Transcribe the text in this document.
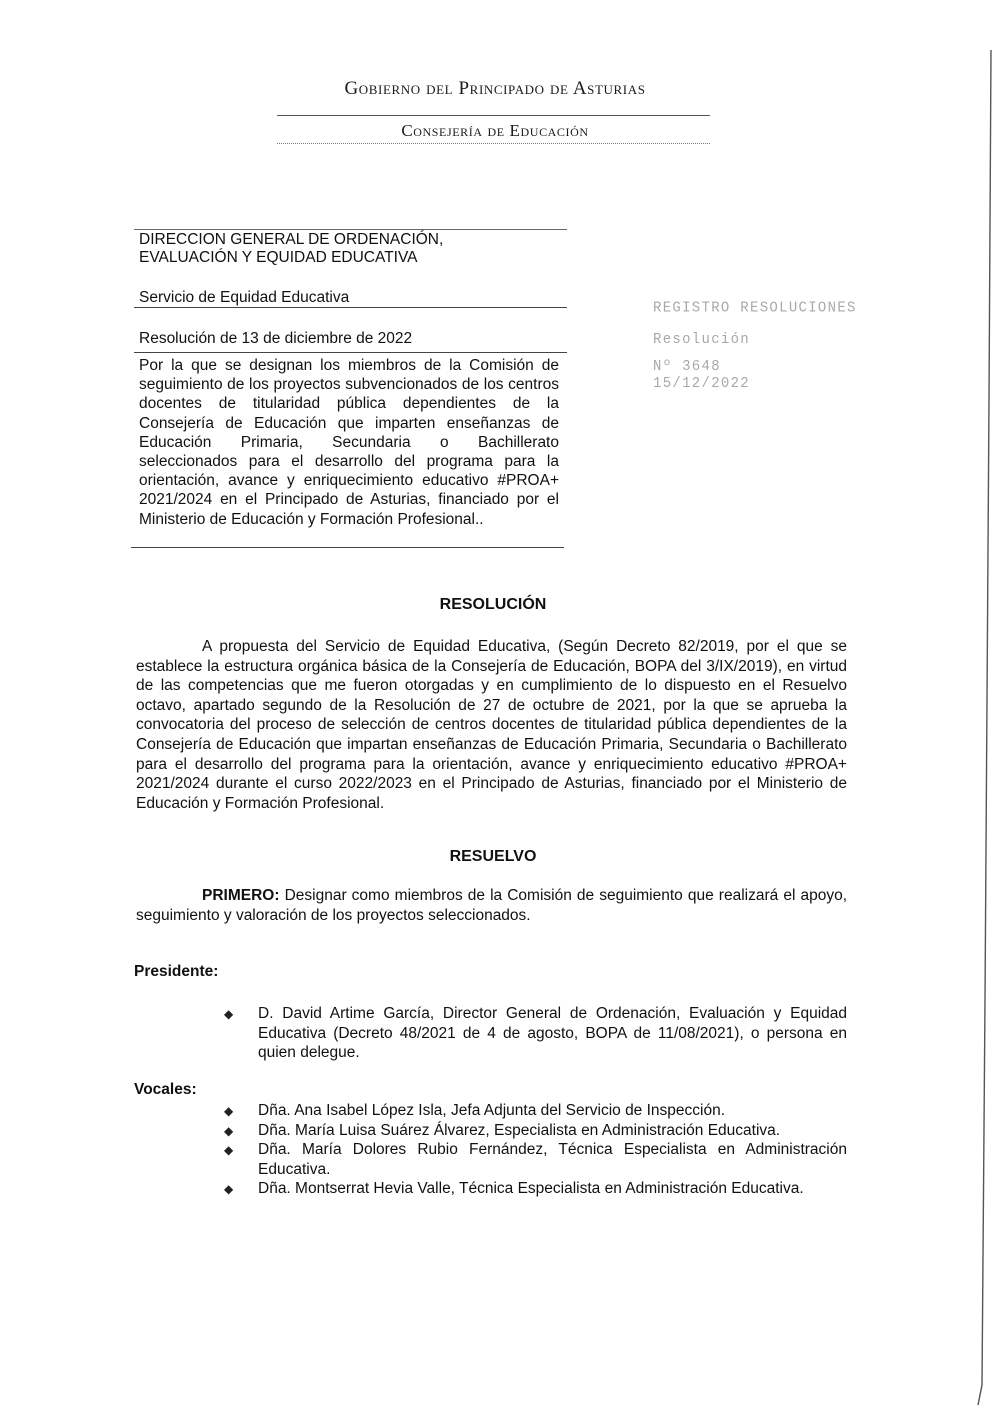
Gobierno del Principado de Asturias
Consejería de Educación
DIRECCION GENERAL DE ORDENACIÓN,
EVALUACIÓN Y EQUIDAD EDUCATIVA
Servicio de Equidad Educativa
Resolución de 13 de diciembre de 2022
Por la que se designan los miembros de la Comisión de seguimiento de los proyectos subvencionados de los centros docentes de titularidad pública dependientes de la Consejería de Educación que imparten enseñanzas de Educación Primaria, Secundaria o Bachillerato seleccionados para el desarrollo del programa para la orientación, avance y enriquecimiento educativo #PROA+ 2021/2024 en el Principado de Asturias, financiado por el Ministerio de Educación y Formación Profesional..
REGISTRO RESOLUCIONES
Resolución
Nº 3648
15/12/2022
RESOLUCIÓN
A propuesta del Servicio de Equidad Educativa, (Según Decreto 82/2019, por el que se establece la estructura orgánica básica de la Consejería de Educación, BOPA del 3/IX/2019), en virtud de las competencias que me fueron otorgadas y en cumplimiento de lo dispuesto en el Resuelvo octavo, apartado segundo de la Resolución de 27 de octubre de 2021, por la que se aprueba la convocatoria del proceso de selección de centros docentes de titularidad pública dependientes de la Consejería de Educación que impartan enseñanzas de Educación Primaria, Secundaria o Bachillerato para el desarrollo del programa para la orientación, avance y enriquecimiento educativo #PROA+ 2021/2024 durante el curso 2022/2023 en el Principado de Asturias, financiado por el Ministerio de Educación y Formación Profesional.
RESUELVO
PRIMERO: Designar como miembros de la Comisión de seguimiento que realizará el apoyo, seguimiento y valoración de los proyectos seleccionados.
Presidente:
◆ D. David Artime García, Director General de Ordenación, Evaluación y Equidad Educativa (Decreto 48/2021 de 4 de agosto, BOPA de 11/08/2021), o persona en quien delegue.
Vocales:
◆ Dña. Ana Isabel López Isla, Jefa Adjunta del Servicio de Inspección.
◆ Dña. María Luisa Suárez Álvarez, Especialista en Administración Educativa.
◆ Dña. María Dolores Rubio Fernández, Técnica Especialista en Administración Educativa.
◆ Dña. Montserrat Hevia Valle, Técnica Especialista en Administración Educativa.
